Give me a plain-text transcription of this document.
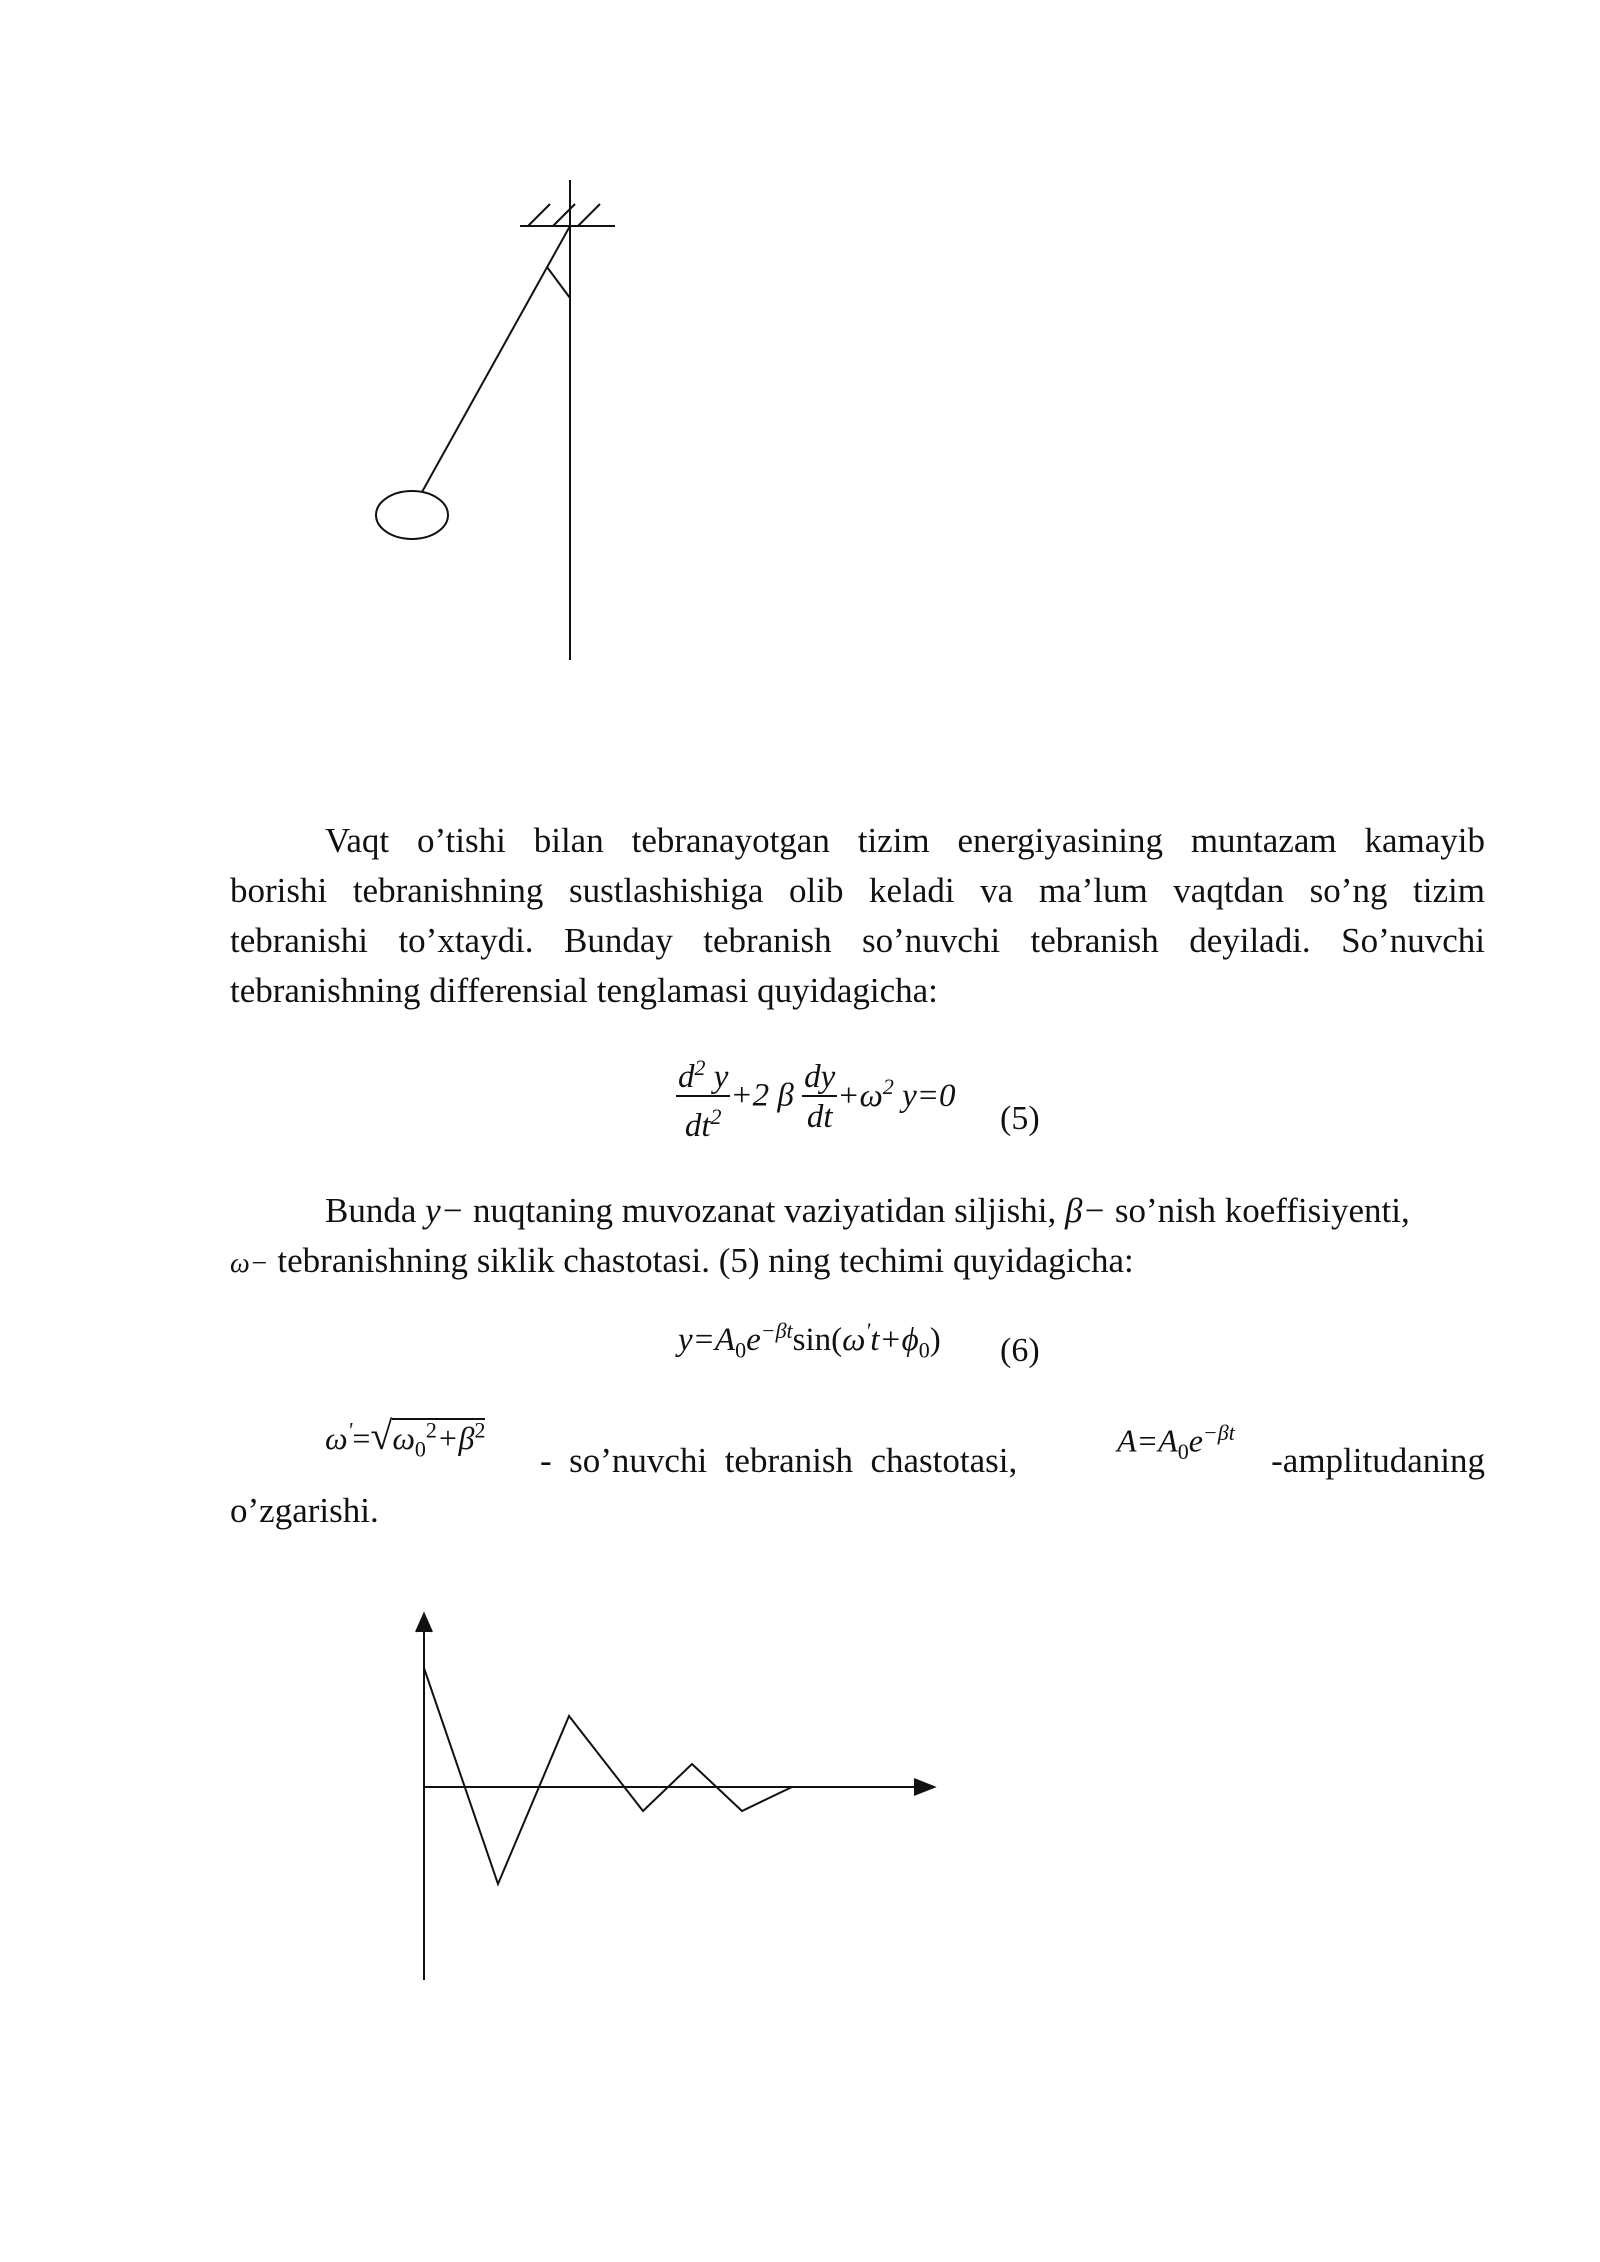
Vaqt o’tishi bilan tebranayotgan tizim energiyasining muntazam kamayib
borishi tebranishning sustlashishiga olib keladi va ma’lum vaqtdan so’ng tizim
tebranishi to’xtaydi. Bunday tebranish so’nuvchi tebranish deyiladi. So’nuvchi
tebranishning differensial tenglamasi quyidagicha:
$\frac{d^2 y}{dt^2} +2$ β $\frac{dy}{dt} +\omega^2$ y=0
(5)
Bunda y− nuqtaning muvozanat vaziyatidan siljishi, β− so’nish koeffisiyenti,
ω− tebranishning siklik chastotasi. (5) ning techimi quyidagicha:
$y=A_0e^{-\beta t}\sin(\omega't+\phi_0)$ (6)
$\omega'=√\omega_0^2+\beta^2$
-  so’nuvchi  tebranish  chastotasi,
$A=A_0e^{-\beta t}$
-amplitudaning
o’zgarishi.
